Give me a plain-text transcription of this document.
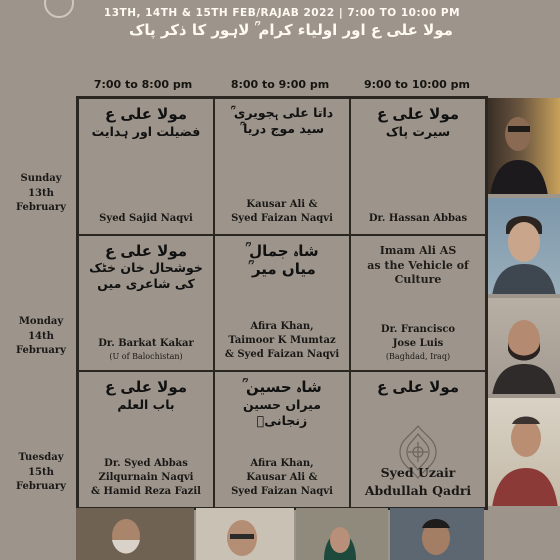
13TH, 14TH & 15TH FEB/RAJAB 2022 | 7:00 TO 10:00 PM
مولا علی ع اور اولیاء کرام ؒ لاہور کا ذکر پاک
7:00 to 8:00 pm	8:00 to 9:00 pm	9:00 to 10:00 pm
Sunday
13th
February
Monday
14th
February
Tuesday
15th
February
مولا علی ع
فضیلت اور ہدایت
Syed Sajid Naqvi
داتا علی ہجویری ؒ
سید موج دریا ؒ
Kausar Ali &
Syed Faizan Naqvi
مولا علی ع
سیرت پاک
Dr. Hassan Abbas
مولا علی ع
خوشحال خان خٹک
کی شاعری میں
Dr. Barkat Kakar
(U of Balochistan)
شاہ جمال ؒ
میاں میر ؒ
Afira Khan,
Taimoor K Mumtaz
& Syed Faizan Naqvi
Imam Ali AS
as the Vehicle of
Culture
Dr. Francisco
Jose Luis
(Baghdad, Iraq)
مولا علی ع
باب العلم
Dr. Syed Abbas
Zilqurnain Naqvi
& Hamid Reza Fazil
شاہ حسین ؒ
میراں حسین زنجانیؒ
Afira Khan,
Kausar Ali &
Syed Faizan Naqvi
مولا علی ع
Syed Uzair
Abdullah Qadri
